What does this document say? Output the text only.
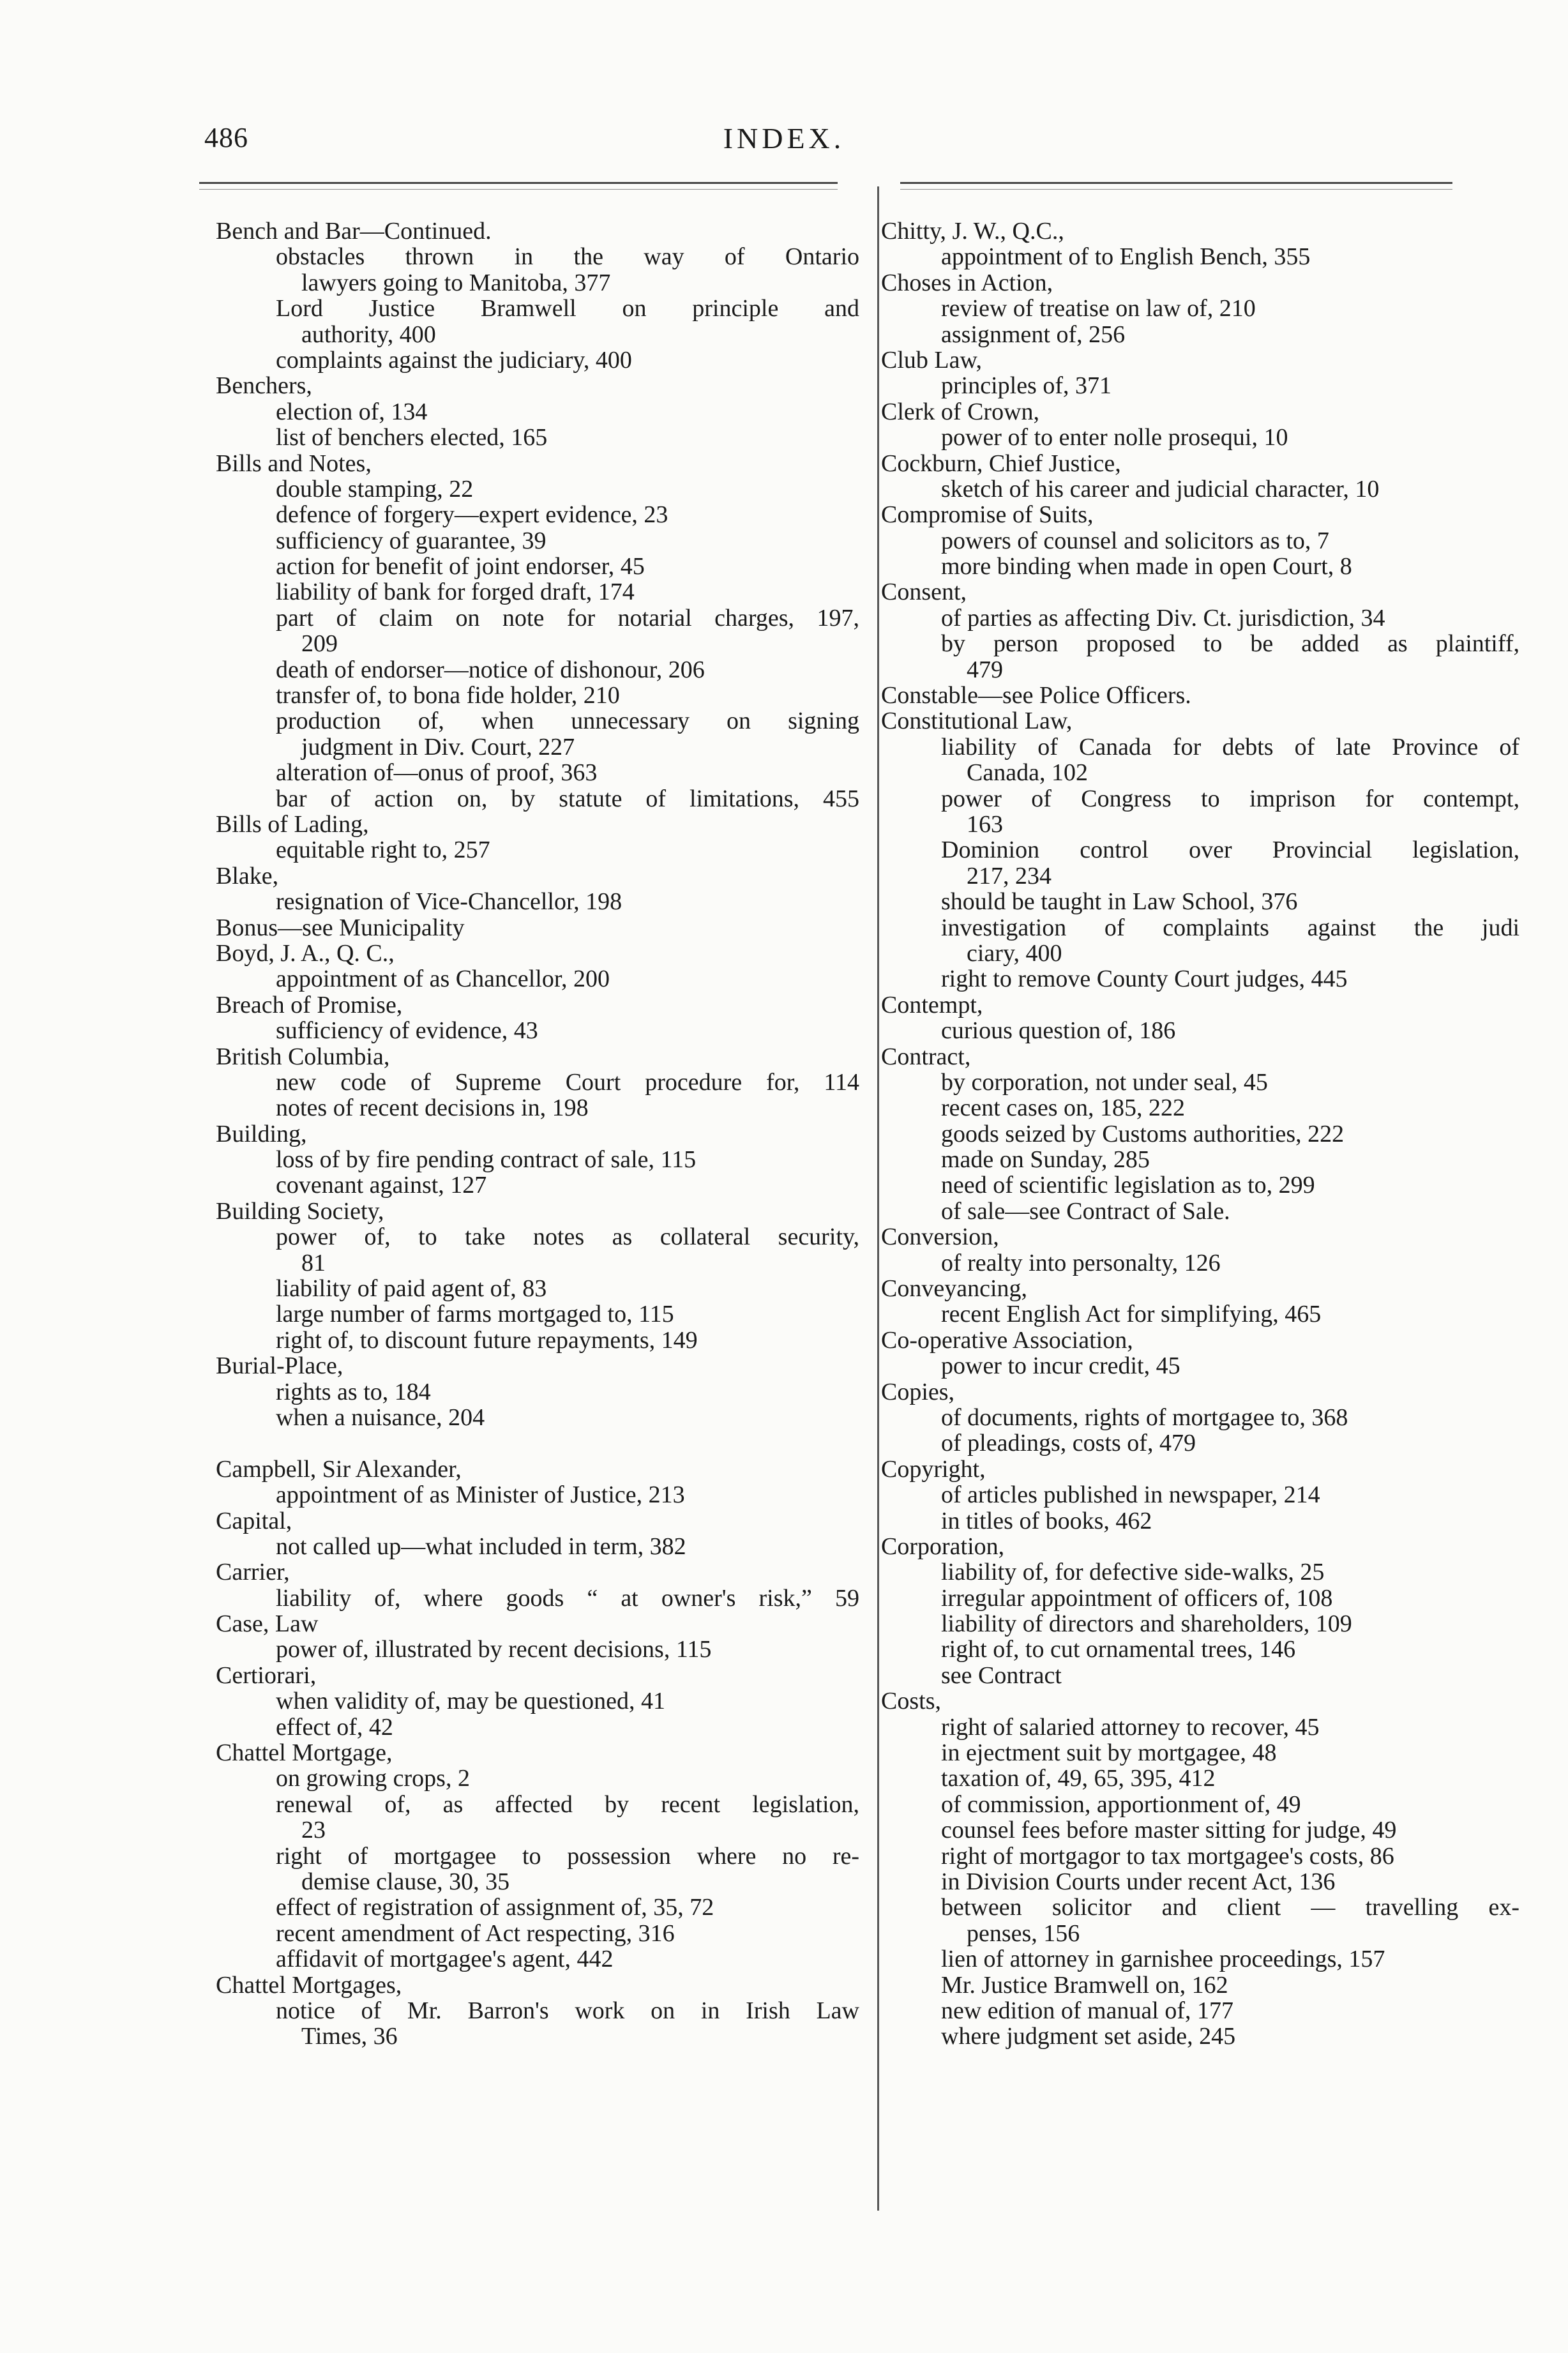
486	INDEX.
Bench and Bar—Continued.
obstacles thrown in the way of Ontario
lawyers going to Manitoba, 377
Lord Justice Bramwell on principle and
authority, 400
complaints against the judiciary, 400
Benchers,
election of, 134
list of benchers elected, 165
Bills and Notes,
double stamping, 22
defence of forgery—expert evidence, 23
sufficiency of guarantee, 39
action for benefit of joint endorser, 45
liability of bank for forged draft, 174
part of claim on note for notarial charges, 197,
209
death of endorser—notice of dishonour, 206
transfer of, to bona fide holder, 210
production of, when unnecessary on signing
judgment in Div. Court, 227
alteration of—onus of proof, 363
bar of action on, by statute of limitations, 455
Bills of Lading,
equitable right to, 257
Blake,
resignation of Vice-Chancellor, 198
Bonus—see Municipality
Boyd, J. A., Q. C.,
appointment of as Chancellor, 200
Breach of Promise,
sufficiency of evidence, 43
British Columbia,
new code of Supreme Court procedure for, 114
notes of recent decisions in, 198
Building,
loss of by fire pending contract of sale, 115
covenant against, 127
Building Society,
power of, to take notes as collateral security,
81
liability of paid agent of, 83
large number of farms mortgaged to, 115
right of, to discount future repayments, 149
Burial-Place,
rights as to, 184
when a nuisance, 204
Campbell, Sir Alexander,
appointment of as Minister of Justice, 213
Capital,
not called up—what included in term, 382
Carrier,
liability of, where goods “ at owner's risk,” 59
Case, Law
power of, illustrated by recent decisions, 115
Certiorari,
when validity of, may be questioned, 41
effect of, 42
Chattel Mortgage,
on growing crops, 2
renewal of, as affected by recent legislation,
23
right of mortgagee to possession where no re-
demise clause, 30, 35
effect of registration of assignment of, 35, 72
recent amendment of Act respecting, 316
affidavit of mortgagee's agent, 442
Chattel Mortgages,
notice of Mr. Barron's work on in Irish Law
Times, 36
Chitty, J. W., Q.C.,
appointment of to English Bench, 355
Choses in Action,
review of treatise on law of, 210
assignment of, 256
Club Law,
principles of, 371
Clerk of Crown,
power of to enter nolle prosequi, 10
Cockburn, Chief Justice,
sketch of his career and judicial character, 10
Compromise of Suits,
powers of counsel and solicitors as to, 7
more binding when made in open Court, 8
Consent,
of parties as affecting Div. Ct. jurisdiction, 34
by person proposed to be added as plaintiff,
479
Constable—see Police Officers.
Constitutional Law,
liability of Canada for debts of late Province of
Canada, 102
power of Congress to imprison for contempt,
163
Dominion control over Provincial legislation,
217, 234
should be taught in Law School, 376
investigation of complaints against the judi
ciary, 400
right to remove County Court judges, 445
Contempt,
curious question of, 186
Contract,
by corporation, not under seal, 45
recent cases on, 185, 222
goods seized by Customs authorities, 222
made on Sunday, 285
need of scientific legislation as to, 299
of sale—see Contract of Sale.
Conversion,
of realty into personalty, 126
Conveyancing,
recent English Act for simplifying, 465
Co-operative Association,
power to incur credit, 45
Copies,
of documents, rights of mortgagee to, 368
of pleadings, costs of, 479
Copyright,
of articles published in newspaper, 214
in titles of books, 462
Corporation,
liability of, for defective side-walks, 25
irregular appointment of officers of, 108
liability of directors and shareholders, 109
right of, to cut ornamental trees, 146
see Contract
Costs,
right of salaried attorney to recover, 45
in ejectment suit by mortgagee, 48
taxation of, 49, 65, 395, 412
of commission, apportionment of, 49
counsel fees before master sitting for judge, 49
right of mortgagor to tax mortgagee's costs, 86
in Division Courts under recent Act, 136
between solicitor and client — travelling ex-
penses, 156
lien of attorney in garnishee proceedings, 157
Mr. Justice Bramwell on, 162
new edition of manual of, 177
where judgment set aside, 245
